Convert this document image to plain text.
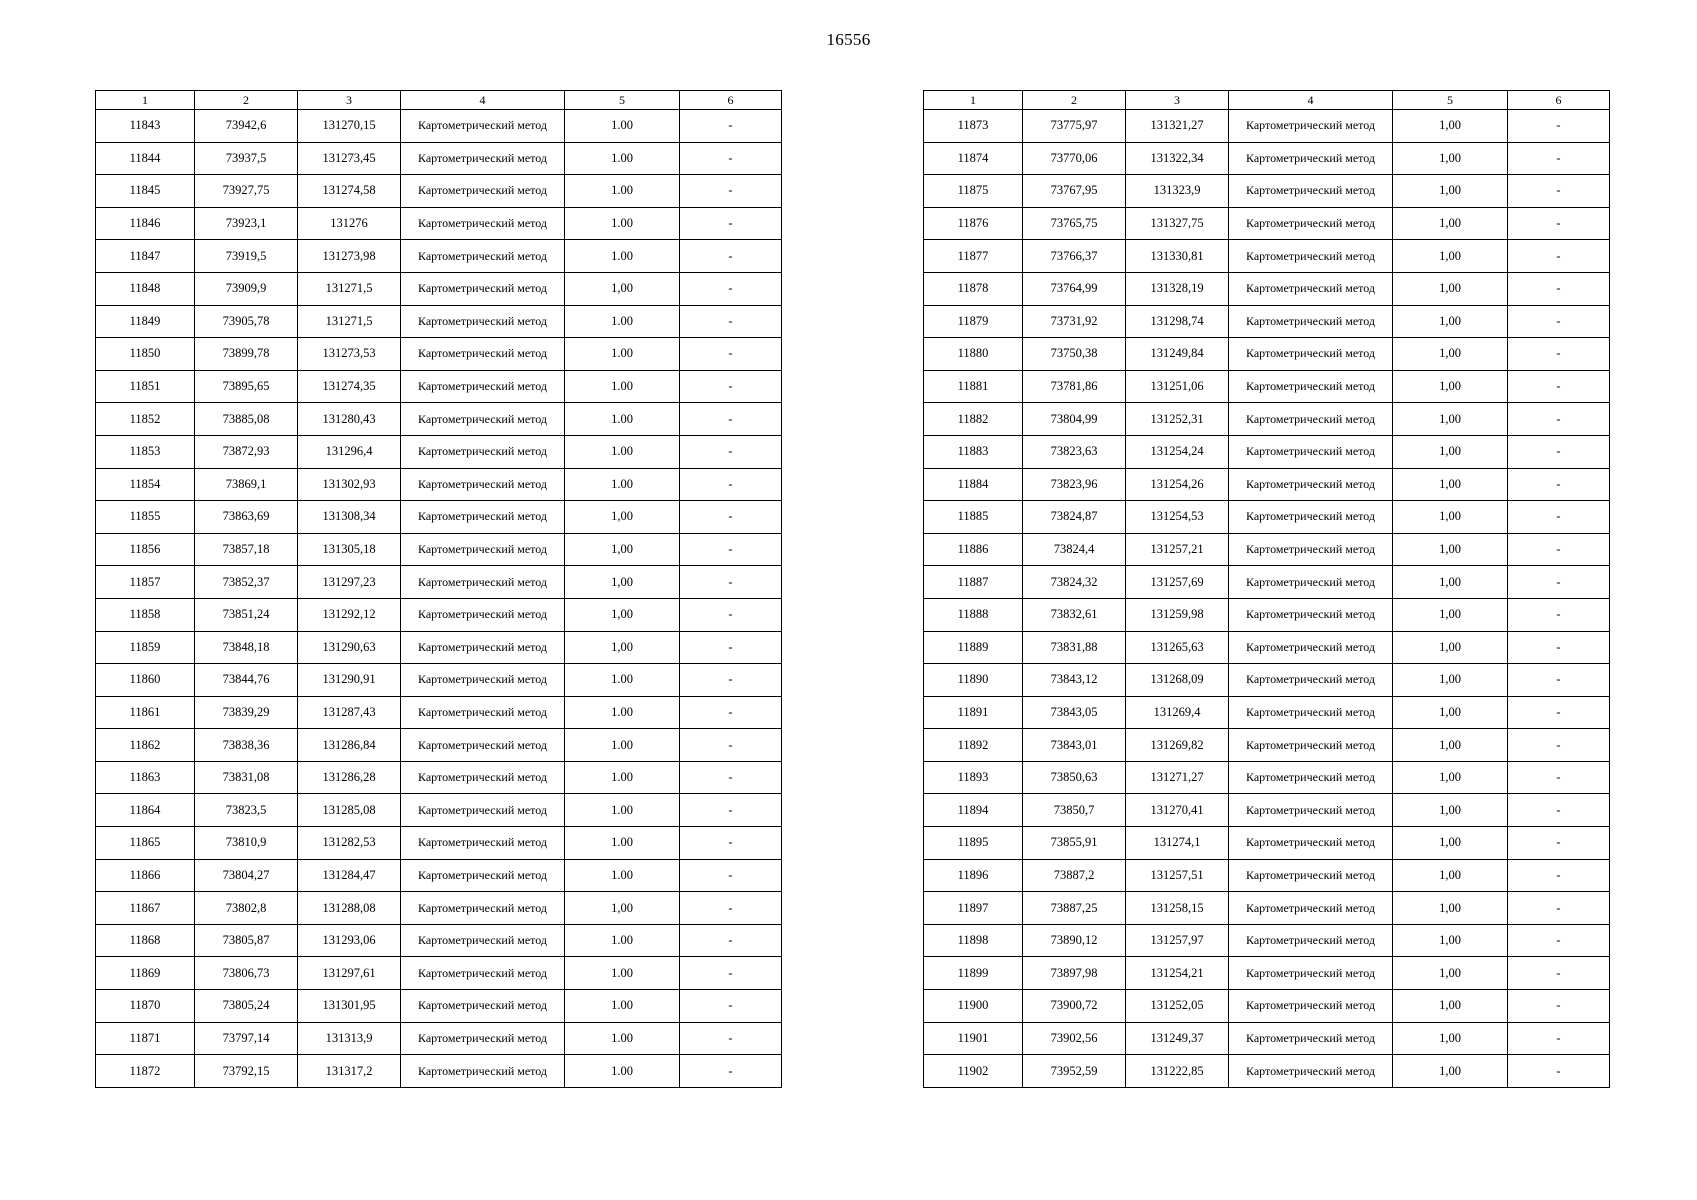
16556
1	2	3	4	5	6
11843	73942,6	131270,15	Картометрический метод	1.00	-
11844	73937,5	131273,45	Картометрический метод	1.00	-
11845	73927,75	131274,58	Картометрический метод	1.00	-
11846	73923,1	131276	Картометрический метод	1.00	-
11847	73919,5	131273,98	Картометрический метод	1.00	-
11848	73909,9	131271,5	Картометрический метод	1,00	-
11849	73905,78	131271,5	Картометрический метод	1.00	-
11850	73899,78	131273,53	Картометрический метод	1.00	-
11851	73895,65	131274,35	Картометрический метод	1.00	-
11852	73885,08	131280,43	Картометрический метод	1.00	-
11853	73872,93	131296,4	Картометрический метод	1.00	-
11854	73869,1	131302,93	Картометрический метод	1.00	-
11855	73863,69	131308,34	Картометрический метод	1,00	-
11856	73857,18	131305,18	Картометрический метод	1,00	-
11857	73852,37	131297,23	Картометрический метод	1,00	-
11858	73851,24	131292,12	Картометрический метод	1,00	-
11859	73848,18	131290,63	Картометрический метод	1,00	-
11860	73844,76	131290,91	Картометрический метод	1.00	-
11861	73839,29	131287,43	Картометрический метод	1.00	-
11862	73838,36	131286,84	Картометрический метод	1.00	-
11863	73831,08	131286,28	Картометрический метод	1.00	-
11864	73823,5	131285,08	Картометрический метод	1.00	-
11865	73810,9	131282,53	Картометрический метод	1.00	-
11866	73804,27	131284,47	Картометрический метод	1.00	-
11867	73802,8	131288,08	Картометрический метод	1,00	-
11868	73805,87	131293,06	Картометрический метод	1.00	-
11869	73806,73	131297,61	Картометрический метод	1.00	-
11870	73805,24	131301,95	Картометрический метод	1.00	-
11871	73797,14	131313,9	Картометрический метод	1.00	-
11872	73792,15	131317,2	Картометрический метод	1.00	-
1	2	3	4	5	6
11873	73775,97	131321,27	Картометрический метод	1,00	-
11874	73770,06	131322,34	Картометрический метод	1,00	-
11875	73767,95	131323,9	Картометрический метод	1,00	-
11876	73765,75	131327,75	Картометрический метод	1,00	-
11877	73766,37	131330,81	Картометрический метод	1,00	-
11878	73764,99	131328,19	Картометрический метод	1,00	-
11879	73731,92	131298,74	Картометрический метод	1,00	-
11880	73750,38	131249,84	Картометрический метод	1,00	-
11881	73781,86	131251,06	Картометрический метод	1,00	-
11882	73804,99	131252,31	Картометрический метод	1,00	-
11883	73823,63	131254,24	Картометрический метод	1,00	-
11884	73823,96	131254,26	Картометрический метод	1,00	-
11885	73824,87	131254,53	Картометрический метод	1,00	-
11886	73824,4	131257,21	Картометрический метод	1,00	-
11887	73824,32	131257,69	Картометрический метод	1,00	-
11888	73832,61	131259,98	Картометрический метод	1,00	-
11889	73831,88	131265,63	Картометрический метод	1,00	-
11890	73843,12	131268,09	Картометрический метод	1,00	-
11891	73843,05	131269,4	Картометрический метод	1,00	-
11892	73843,01	131269,82	Картометрический метод	1,00	-
11893	73850,63	131271,27	Картометрический метод	1,00	-
11894	73850,7	131270,41	Картометрический метод	1,00	-
11895	73855,91	131274,1	Картометрический метод	1,00	-
11896	73887,2	131257,51	Картометрический метод	1,00	-
11897	73887,25	131258,15	Картометрический метод	1,00	-
11898	73890,12	131257,97	Картометрический метод	1,00	-
11899	73897,98	131254,21	Картометрический метод	1,00	-
11900	73900,72	131252,05	Картометрический метод	1,00	-
11901	73902,56	131249,37	Картометрический метод	1,00	-
11902	73952,59	131222,85	Картометрический метод	1,00	-
